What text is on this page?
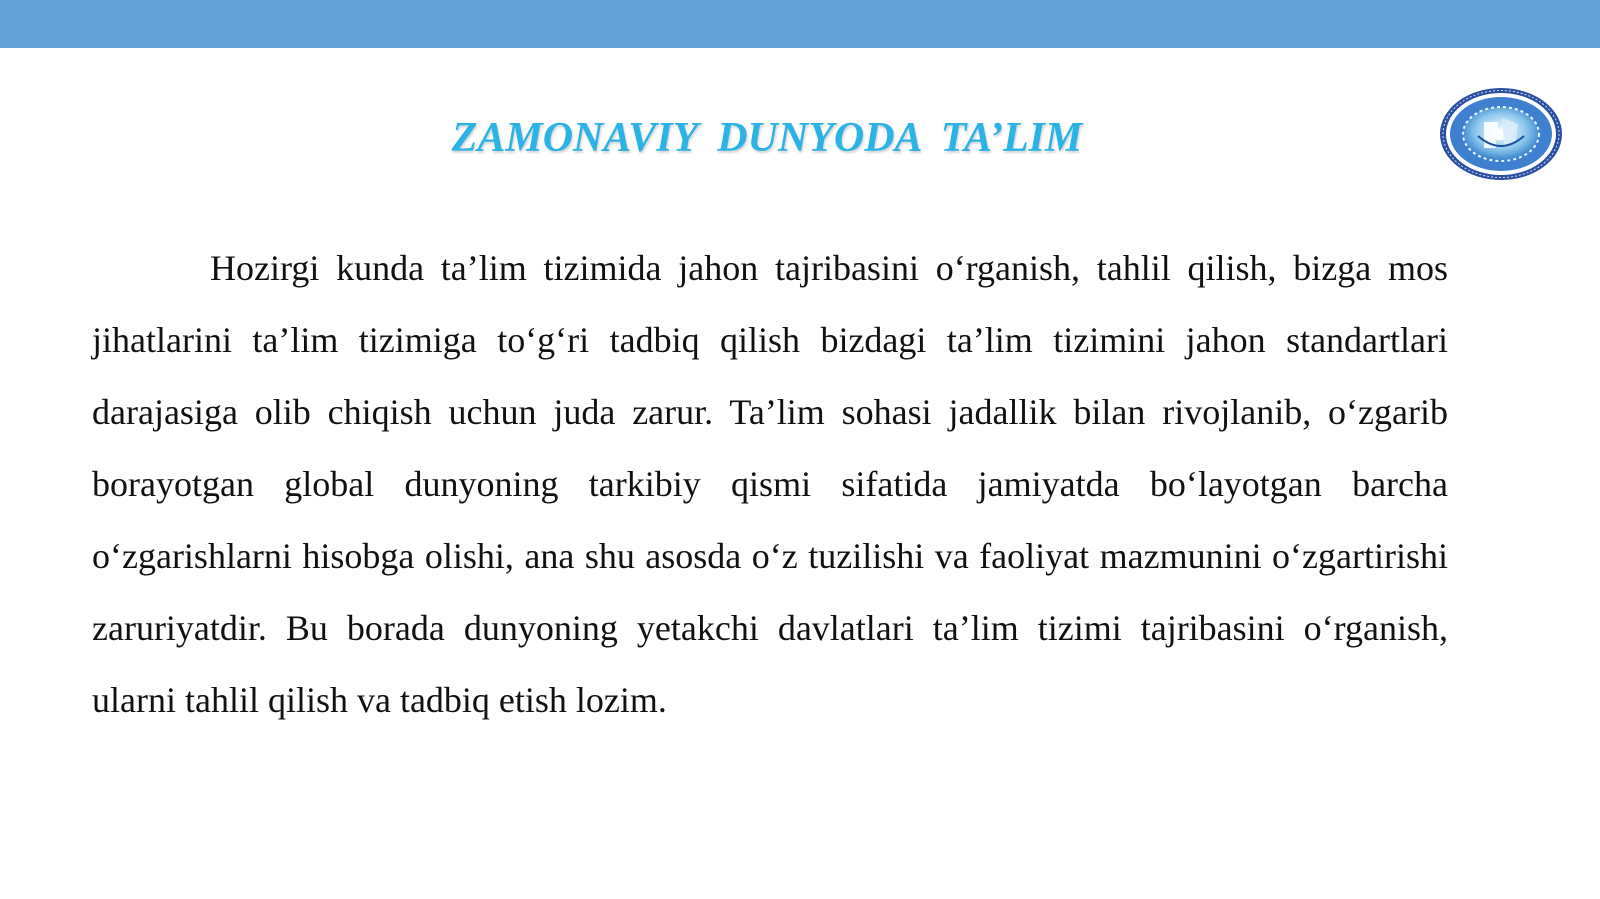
ZAMONAVIY DUNYODA TA’LIM

Hozirgi kunda ta’lim tizimida jahon tajribasini o‘rganish, tahlil qilish, bizga mos jihatlarini ta’lim tizimiga to‘g‘ri tadbiq qilish bizdagi ta’lim tizimini jahon standartlari darajasiga olib chiqish uchun juda zarur. Ta’lim sohasi jadallik bilan rivojlanib, o‘zgarib borayotgan global dunyoning tarkibiy qismi sifatida jamiyatda bo‘layotgan barcha o‘zgarishlarni hisobga olishi, ana shu asosda o‘z tuzilishi va faoliyat mazmunini o‘zgartirishi zaruriyatdir. Bu borada dunyoning yetakchi davlatlari ta’lim tizimi tajribasini o‘rganish, ularni tahlil qilish va tadbiq etish lozim.
